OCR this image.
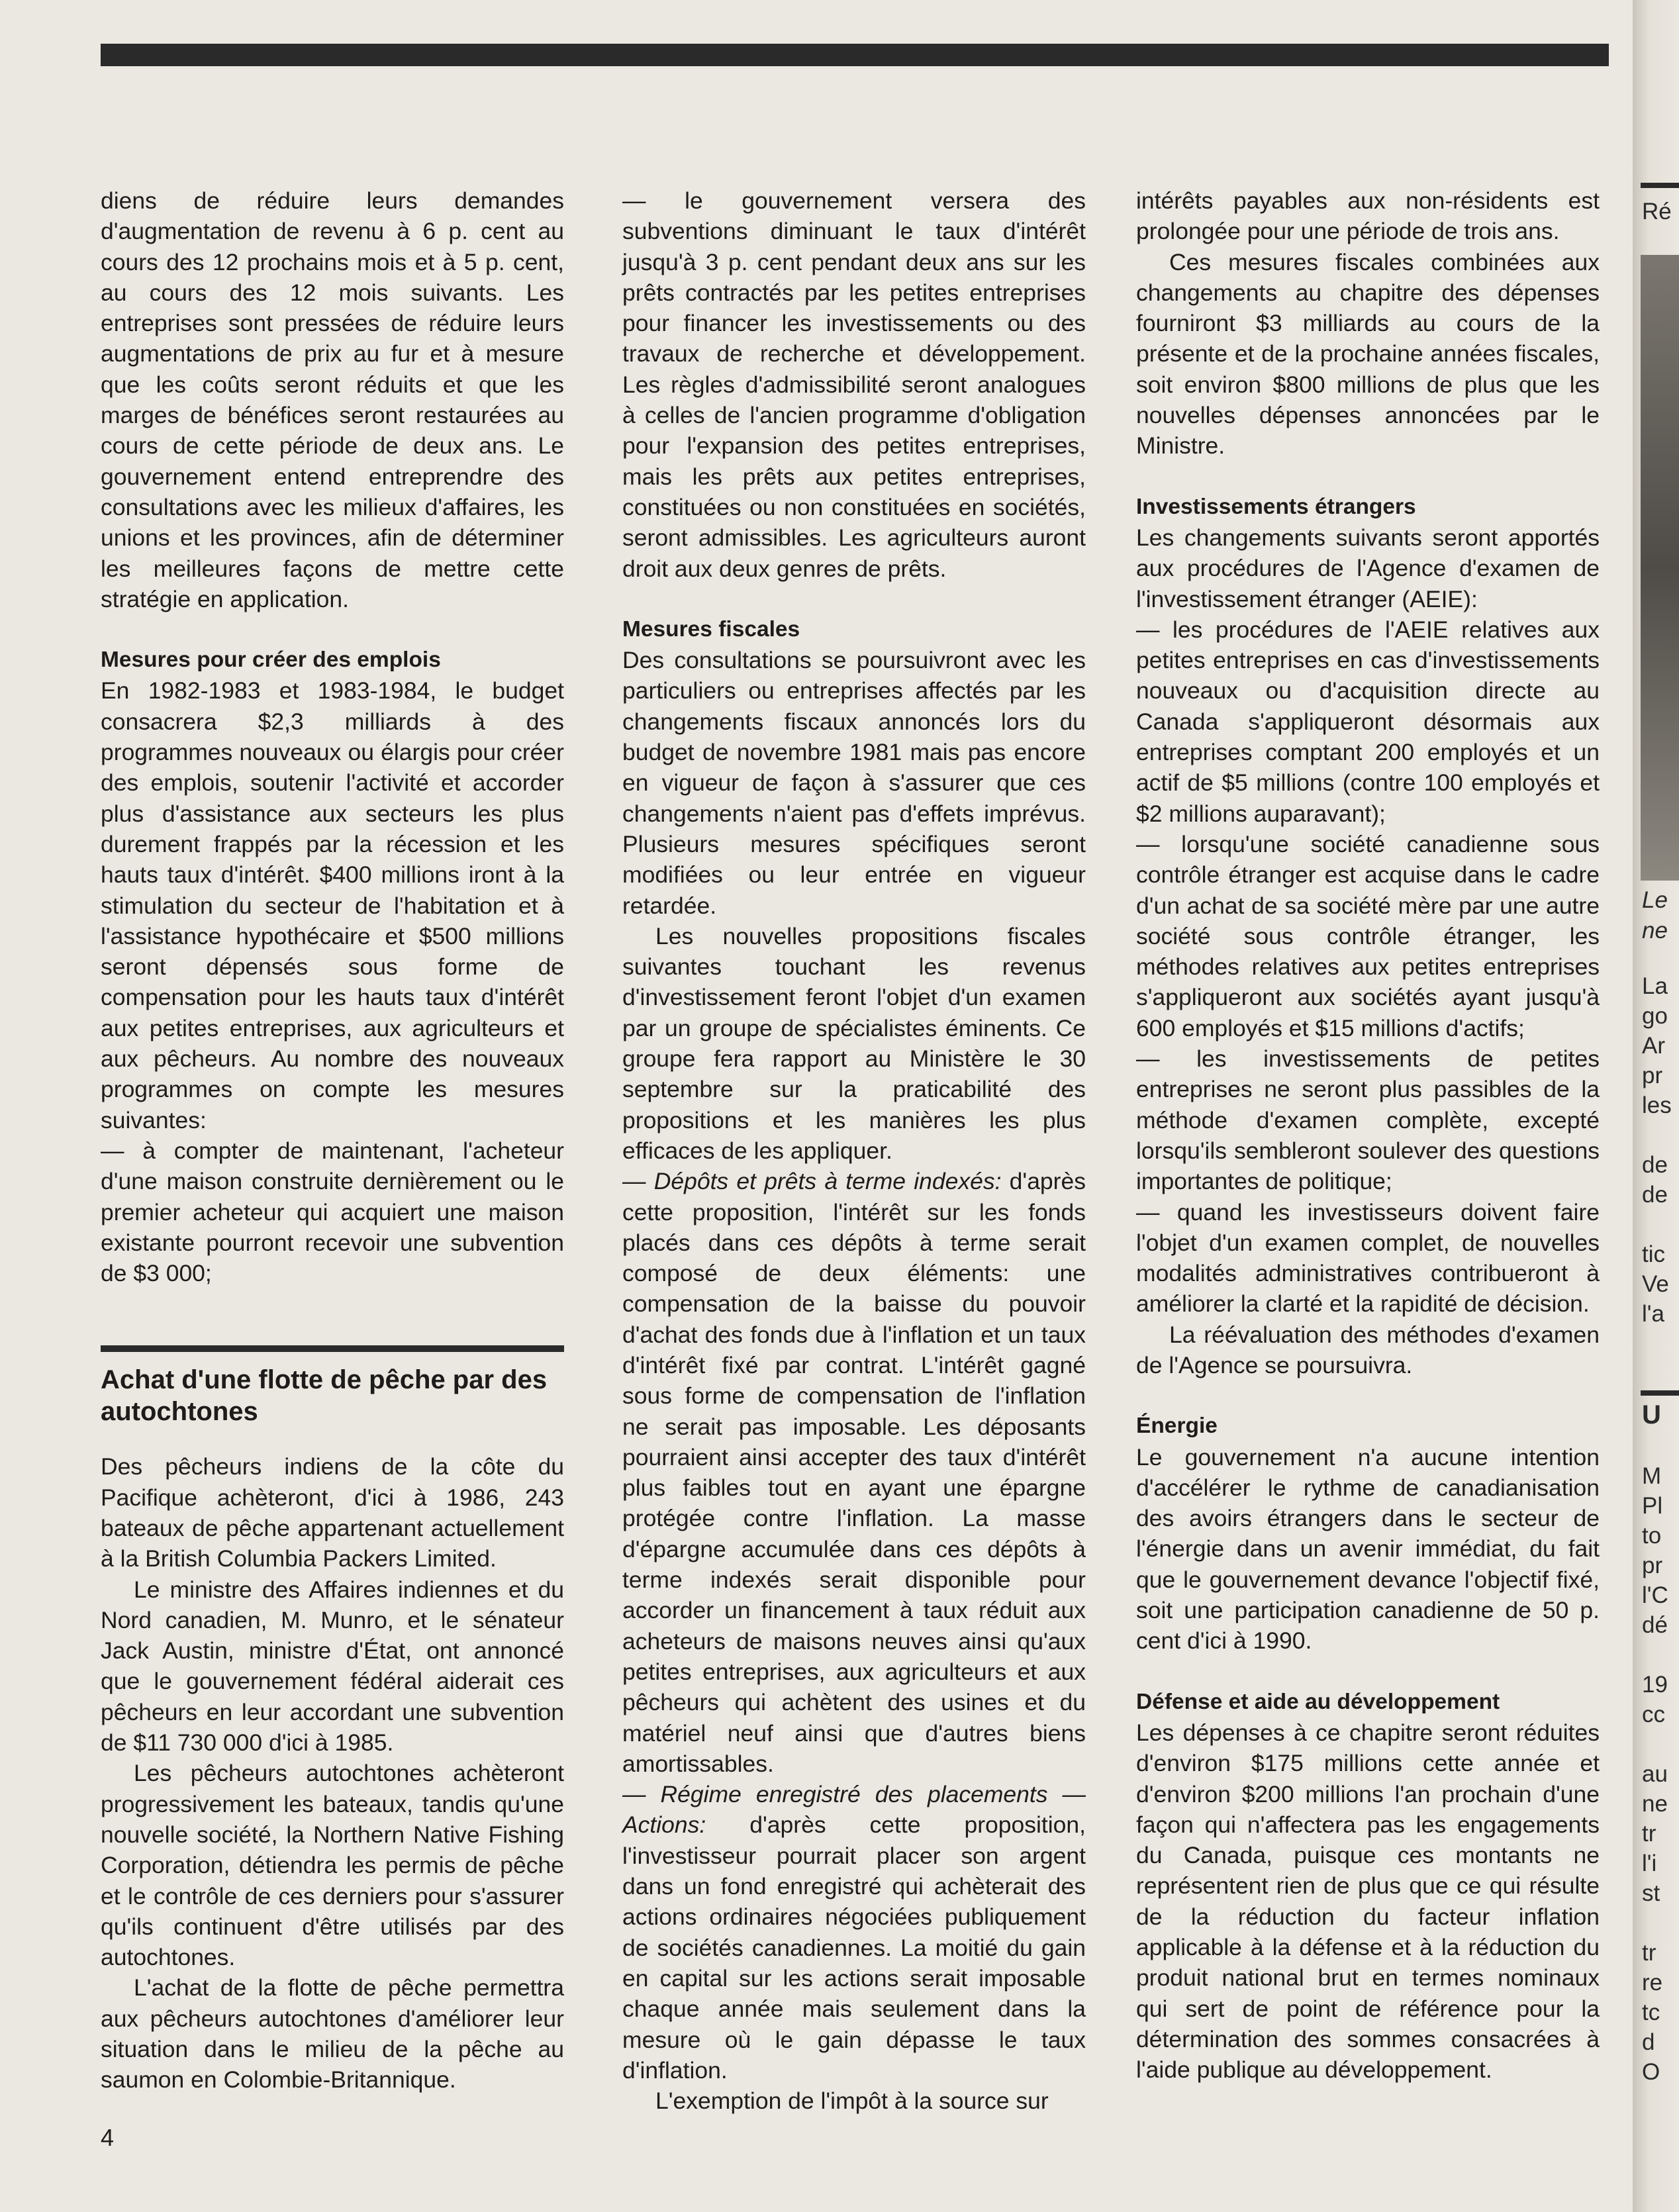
diens de réduire leurs demandes d'augmentation de revenu à 6 p. cent au cours des 12 prochains mois et à 5 p. cent, au cours des 12 mois suivants. Les entreprises sont pressées de réduire leurs augmentations de prix au fur et à mesure que les coûts seront réduits et que les marges de bénéfices seront restaurées au cours de cette période de deux ans. Le gouvernement entend entreprendre des consultations avec les milieux d'affaires, les unions et les provinces, afin de déterminer les meilleures façons de mettre cette stratégie en application.

Mesures pour créer des emplois

En 1982-1983 et 1983-1984, le budget consacrera $2,3 milliards à des programmes nouveaux ou élargis pour créer des emplois, soutenir l'activité et accorder plus d'assistance aux secteurs les plus durement frappés par la récession et les hauts taux d'intérêt. $400 millions iront à la stimulation du secteur de l'habitation et à l'assistance hypothécaire et $500 millions seront dépensés sous forme de compensation pour les hauts taux d'intérêt aux petites entreprises, aux agriculteurs et aux pêcheurs. Au nombre des nouveaux programmes on compte les mesures suivantes:

— à compter de maintenant, l'acheteur d'une maison construite dernièrement ou le premier acheteur qui acquiert une maison existante pourront recevoir une subvention de $3 000;

Achat d'une flotte de pêche par des autochtones

Des pêcheurs indiens de la côte du Pacifique achèteront, d'ici à 1986, 243 bateaux de pêche appartenant actuellement à la British Columbia Packers Limited.

Le ministre des Affaires indiennes et du Nord canadien, M. Munro, et le sénateur Jack Austin, ministre d'État, ont annoncé que le gouvernement fédéral aiderait ces pêcheurs en leur accordant une subvention de $11 730 000 d'ici à 1985.

Les pêcheurs autochtones achèteront progressivement les bateaux, tandis qu'une nouvelle société, la Northern Native Fishing Corporation, détiendra les permis de pêche et le contrôle de ces derniers pour s'assurer qu'ils continuent d'être utilisés par des autochtones.

L'achat de la flotte de pêche permettra aux pêcheurs autochtones d'améliorer leur situation dans le milieu de la pêche au saumon en Colombie-Britannique.

— le gouvernement versera des subventions diminuant le taux d'intérêt jusqu'à 3 p. cent pendant deux ans sur les prêts contractés par les petites entreprises pour financer les investissements ou des travaux de recherche et développement. Les règles d'admissibilité seront analogues à celles de l'ancien programme d'obligation pour l'expansion des petites entreprises, mais les prêts aux petites entreprises, constituées ou non constituées en sociétés, seront admissibles. Les agriculteurs auront droit aux deux genres de prêts.

Mesures fiscales

Des consultations se poursuivront avec les particuliers ou entreprises affectés par les changements fiscaux annoncés lors du budget de novembre 1981 mais pas encore en vigueur de façon à s'assurer que ces changements n'aient pas d'effets imprévus. Plusieurs mesures spécifiques seront modifiées ou leur entrée en vigueur retardée.

Les nouvelles propositions fiscales suivantes touchant les revenus d'investissement feront l'objet d'un examen par un groupe de spécialistes éminents. Ce groupe fera rapport au Ministère le 30 septembre sur la praticabilité des propositions et les manières les plus efficaces de les appliquer.

— Dépôts et prêts à terme indexés: d'après cette proposition, l'intérêt sur les fonds placés dans ces dépôts à terme serait composé de deux éléments: une compensation de la baisse du pouvoir d'achat des fonds due à l'inflation et un taux d'intérêt fixé par contrat. L'intérêt gagné sous forme de compensation de l'inflation ne serait pas imposable. Les déposants pourraient ainsi accepter des taux d'intérêt plus faibles tout en ayant une épargne protégée contre l'inflation. La masse d'épargne accumulée dans ces dépôts à terme indexés serait disponible pour accorder un financement à taux réduit aux acheteurs de maisons neuves ainsi qu'aux petites entreprises, aux agriculteurs et aux pêcheurs qui achètent des usines et du matériel neuf ainsi que d'autres biens amortissables.

— Régime enregistré des placements — Actions: d'après cette proposition, l'investisseur pourrait placer son argent dans un fond enregistré qui achèterait des actions ordinaires négociées publiquement de sociétés canadiennes. La moitié du gain en capital sur les actions serait imposable chaque année mais seulement dans la mesure où le gain dépasse le taux d'inflation.

L'exemption de l'impôt à la source sur

intérêts payables aux non-résidents est prolongée pour une période de trois ans.

Ces mesures fiscales combinées aux changements au chapitre des dépenses fourniront $3 milliards au cours de la présente et de la prochaine années fiscales, soit environ $800 millions de plus que les nouvelles dépenses annoncées par le Ministre.

Investissements étrangers

Les changements suivants seront apportés aux procédures de l'Agence d'examen de l'investissement étranger (AEIE):

— les procédures de l'AEIE relatives aux petites entreprises en cas d'investissements nouveaux ou d'acquisition directe au Canada s'appliqueront désormais aux entreprises comptant 200 employés et un actif de $5 millions (contre 100 employés et $2 millions auparavant);

— lorsqu'une société canadienne sous contrôle étranger est acquise dans le cadre d'un achat de sa société mère par une autre société sous contrôle étranger, les méthodes relatives aux petites entreprises s'appliqueront aux sociétés ayant jusqu'à 600 employés et $15 millions d'actifs;

— les investissements de petites entreprises ne seront plus passibles de la méthode d'examen complète, excepté lorsqu'ils sembleront soulever des questions importantes de politique;

— quand les investisseurs doivent faire l'objet d'un examen complet, de nouvelles modalités administratives contribueront à améliorer la clarté et la rapidité de décision.

La réévaluation des méthodes d'examen de l'Agence se poursuivra.

Énergie

Le gouvernement n'a aucune intention d'accélérer le rythme de canadianisation des avoirs étrangers dans le secteur de l'énergie dans un avenir immédiat, du fait que le gouvernement devance l'objectif fixé, soit une participation canadienne de 50 p. cent d'ici à 1990.

Défense et aide au développement

Les dépenses à ce chapitre seront réduites d'environ $175 millions cette année et d'environ $200 millions l'an prochain d'une façon qui n'affectera pas les engagements du Canada, puisque ces montants ne représentent rien de plus que ce qui résulte de la réduction du facteur inflation applicable à la défense et à la réduction du produit national brut en termes nominaux qui sert de point de référence pour la détermination des sommes consacrées à l'aide publique au développement.

4
Ré
Le
ne
La
go
Ar
pr
les
de
de
tic
Ve
l'a
U
M
Pl
to
pr
l'C
dé
19
cc
au
ne
tr
l'i
st
tr
re
tc
d
O
